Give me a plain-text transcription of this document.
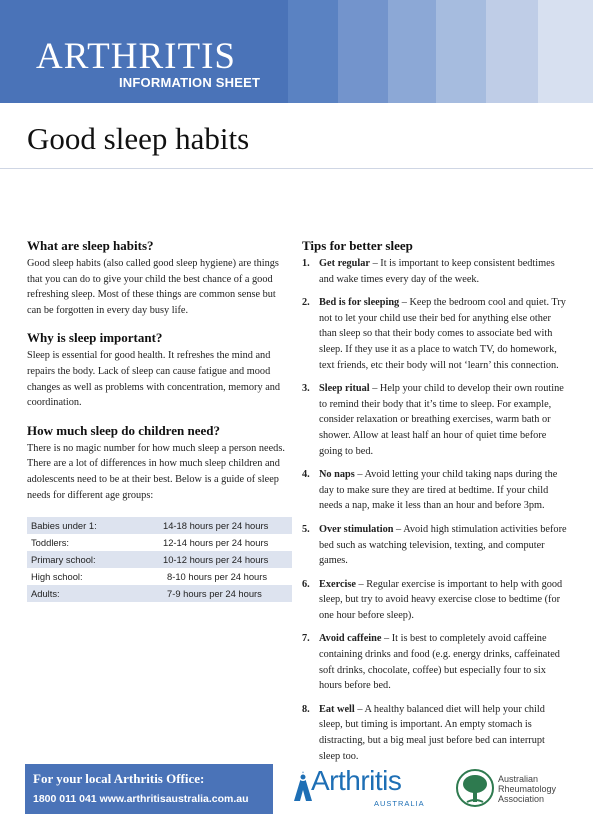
ARTHRITIS
INFORMATION SHEET
Good sleep habits
What are sleep habits?

Good sleep habits (also called good sleep hygiene) are things that you can do to give your child the best chance of a good refreshing sleep. Most of these things are common sense but can be forgotten in every day busy life.

Why is sleep important?

Sleep is essential for good health. It refreshes the mind and repairs the body. Lack of sleep can cause fatigue and mood changes as well as problems with concentration, memory and coordination.

How much sleep do children need?

There is no magic number for how much sleep a person needs. There are a lot of differences in how much sleep children and adolescents need to be at their best. Below is a guide of sleep needs for different age groups:

Babies under 1:	14-18 hours per 24 hours
Toddlers:	12-14 hours per 24 hours
Primary school:	10-12 hours per 24 hours
High school:	8-10 hours per 24 hours
Adults:	7-9 hours per 24 hours
Tips for better sleep
1. Get regular – It is important to keep consistent bedtimes and wake times every day of the week.
2. Bed is for sleeping – Keep the bedroom cool and quiet. Try not to let your child use their bed for anything else other than sleep so that their body comes to associate bed with sleep. If they use it as a place to watch TV, do homework, text friends, etc their body will not ‘learn’ this connection.
3. Sleep ritual – Help your child to develop their own routine to remind their body that it’s time to sleep. For example, consider relaxation or breathing exercises, warm bath or shower. Allow at least half an hour of quiet time before going to bed.
4. No naps – Avoid letting your child taking naps during the day to make sure they are tired at bedtime. If your child needs a nap, make it less than an hour and before 3pm.
5. Over stimulation – Avoid high stimulation activities before bed such as watching television, texting, and computer games.
6. Exercise – Regular exercise is important to help with good sleep, but try to avoid heavy exercise close to bedtime (for one hour before sleep).
7. Avoid caffeine – It is best to completely avoid caffeine containing drinks and food (e.g. energy drinks, caffeinated soft drinks, chocolate, coffee) but especially four to six hours before bed.
8. Eat well – A healthy balanced diet will help your child sleep, but timing is important. An empty stomach is distracting, but a big meal just before bed can interrupt sleep too.
For your local Arthritis Office:
1800 011 041 www.arthritisaustralia.com.au
Arthritis
AUSTRALIA
Australian Rheumatology Association
